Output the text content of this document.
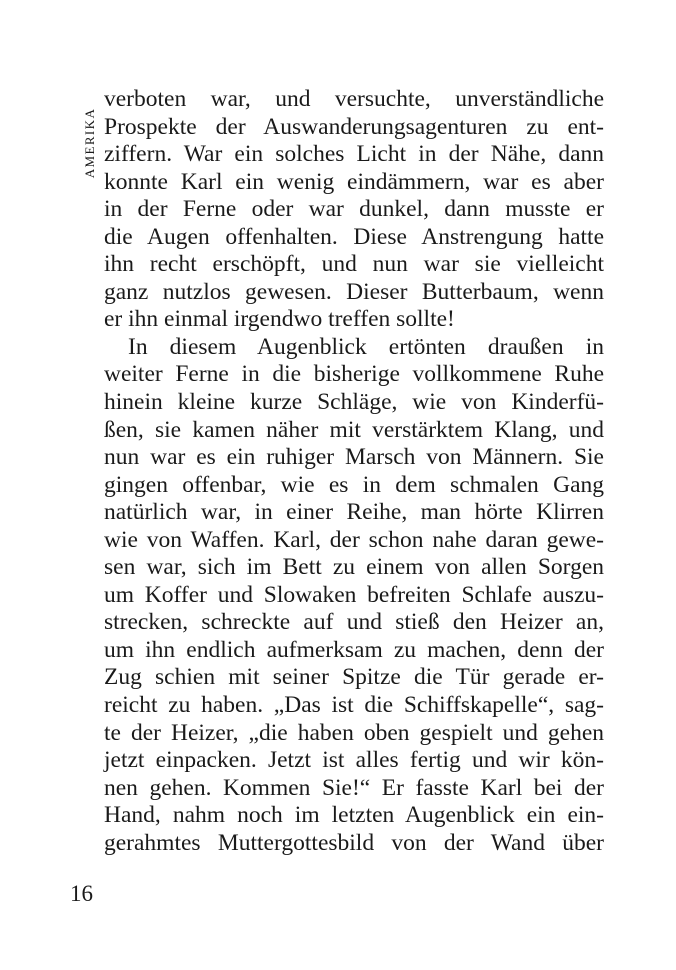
AMERIKA
verboten war, und versuchte, unverständliche
Prospekte der Auswanderungsagenturen zu ent-
ziffern. War ein solches Licht in der Nähe, dann
konnte Karl ein wenig eindämmern, war es aber
in der Ferne oder war dunkel, dann musste er
die Augen offenhalten. Diese Anstrengung hatte
ihn recht erschöpft, und nun war sie vielleicht
ganz nutzlos gewesen. Dieser Butterbaum, wenn
er ihn einmal irgendwo treffen sollte!
In diesem Augenblick ertönten draußen in
weiter Ferne in die bisherige vollkommene Ruhe
hinein kleine kurze Schläge, wie von Kinderfü-
ßen, sie kamen näher mit verstärktem Klang, und
nun war es ein ruhiger Marsch von Männern. Sie
gingen offenbar, wie es in dem schmalen Gang
natürlich war, in einer Reihe, man hörte Klirren
wie von Waffen. Karl, der schon nahe daran gewe-
sen war, sich im Bett zu einem von allen Sorgen
um Koffer und Slowaken befreiten Schlafe auszu-
strecken, schreckte auf und stieß den Heizer an,
um ihn endlich aufmerksam zu machen, denn der
Zug schien mit seiner Spitze die Tür gerade er-
reicht zu haben. „Das ist die Schiffskapelle“, sag-
te der Heizer, „die haben oben gespielt und gehen
jetzt einpacken. Jetzt ist alles fertig und wir kön-
nen gehen. Kommen Sie!“ Er fasste Karl bei der
Hand, nahm noch im letzten Augenblick ein ein-
gerahmtes Muttergottesbild von der Wand über
16
